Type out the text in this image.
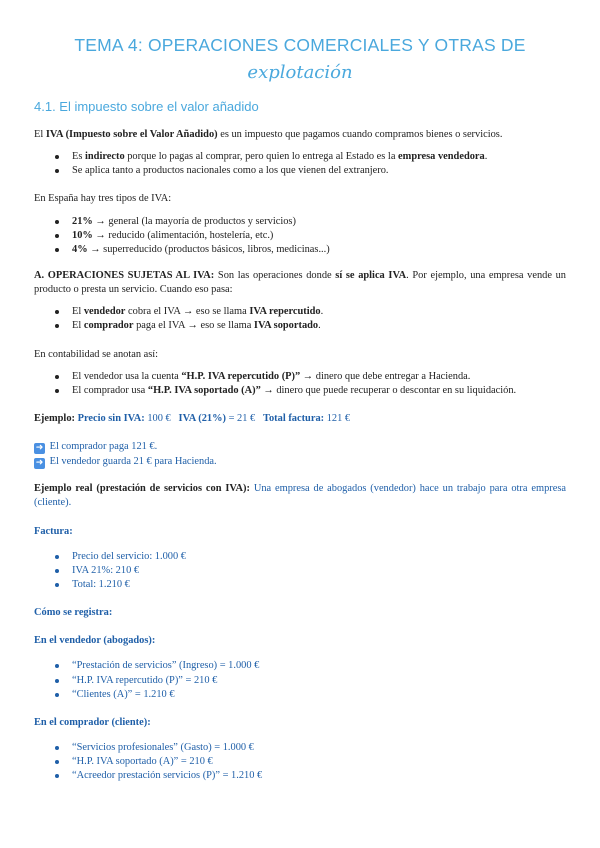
TEMA 4: OPERACIONES COMERCIALES Y OTRAS DE
explotación
4.1. El impuesto sobre el valor añadido

El IVA (Impuesto sobre el Valor Añadido) es un impuesto que pagamos cuando compramos bienes o servicios.

Es indirecto porque lo pagas al comprar, pero quien lo entrega al Estado es la empresa vendedora.
Se aplica tanto a productos nacionales como a los que vienen del extranjero.

En España hay tres tipos de IVA:

21% → general (la mayoría de productos y servicios)
10% → reducido (alimentación, hostelería, etc.)
4% → superreducido (productos básicos, libros, medicinas...)

A. OPERACIONES SUJETAS AL IVA: Son las operaciones donde sí se aplica IVA. Por ejemplo, una empresa vende un producto o presta un servicio. Cuando eso pasa:

El vendedor cobra el IVA → eso se llama IVA repercutido.
El comprador paga el IVA → eso se llama IVA soportado.

En contabilidad se anotan así:

El vendedor usa la cuenta “H.P. IVA repercutido (P)” → dinero que debe entregar a Hacienda.
El comprador usa “H.P. IVA soportado (A)” → dinero que puede recuperar o descontar en su liquidación.

Ejemplo: Precio sin IVA: 100 € IVA (21%) = 21 € Total factura: 121 €

➜ El comprador paga 121 €.

➜ El vendedor guarda 21 € para Hacienda.

Ejemplo real (prestación de servicios con IVA): Una empresa de abogados (vendedor) hace un trabajo para otra empresa (cliente).

Factura:

Precio del servicio: 1.000 €
IVA 21%: 210 €
Total: 1.210 €

Cómo se registra:

En el vendedor (abogados):

“Prestación de servicios” (Ingreso) = 1.000 €
“H.P. IVA repercutido (P)” = 210 €
“Clientes (A)” = 1.210 €

En el comprador (cliente):

“Servicios profesionales” (Gasto) = 1.000 €
“H.P. IVA soportado (A)” = 210 €
“Acreedor prestación servicios (P)” = 1.210 €
